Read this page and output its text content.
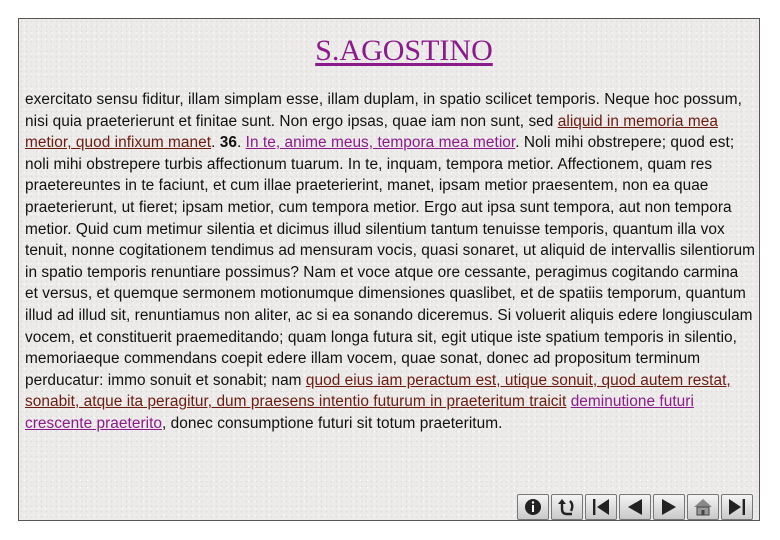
S.AGOSTINO

exercitato sensu fiditur, illam simplam esse, illam duplam, in spatio scilicet temporis. Neque hoc possum, nisi quia praeterierunt et finitae sunt. Non ergo ipsas, quae iam non sunt, sed aliquid in memoria mea metior, quod infixum manet. 36. In te, anime meus, tempora mea metior. Noli mihi obstrepere; quod est; noli mihi obstrepere turbis affectionum tuarum. In te, inquam, tempora metior. Affectionem, quam res praetereuntes in te faciunt, et cum illae praeterierint, manet, ipsam metior praesentem, non ea quae praeterierunt, ut fieret; ipsam metior, cum tempora metior. Ergo aut ipsa sunt tempora, aut non tempora metior. Quid cum metimur silentia et dicimus illud silentium tantum tenuisse temporis, quantum illa vox tenuit, nonne cogitationem tendimus ad mensuram vocis, quasi sonaret, ut aliquid de intervallis silentiorum in spatio temporis renuntiare possimus? Nam et voce atque ore cessante, peragimus cogitando carmina et versus, et quemque sermonem motionumque dimensiones quaslibet, et de spatiis temporum, quantum illud ad illud sit, renuntiamus non aliter, ac si ea sonando diceremus. Si voluerit aliquis edere longiusculam vocem, et constituerit praemeditando; quam longa futura sit, egit utique iste spatium temporis in silentio, memoriaeque commendans coepit edere illam vocem, quae sonat, donec ad propositum terminum perducatur: immo sonuit et sonabit; nam quod eius iam peractum est, utique sonuit, quod autem restat, sonabit, atque ita peragitur, dum praesens intentio futurum in praeteritum traicit deminutione futuri crescente praeterito, donec consumptione futuri sit totum praeteritum.
